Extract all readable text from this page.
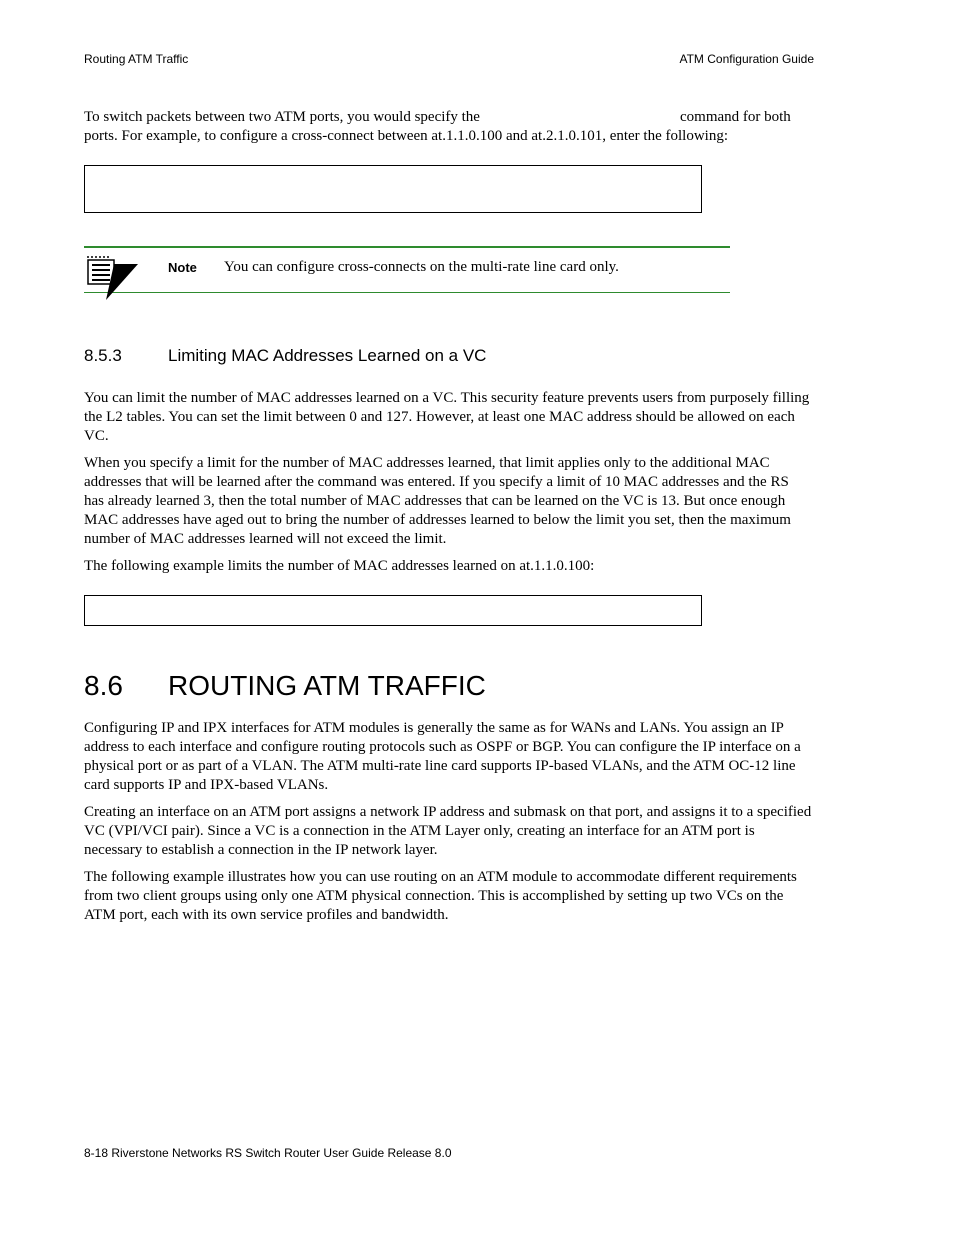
Routing ATM Traffic	ATM Configuration Guide
To switch packets between two ATM ports, you would specify the	command for both
ports. For example, to configure a cross-connect between at.1.1.0.100 and at.2.1.0.101, enter the following:
Note You can configure cross-connects on the multi-rate line card only.
8.5.3	Limiting MAC Addresses Learned on a VC

You can limit the number of MAC addresses learned on a VC. This security feature prevents users from purposely filling the L2 tables. You can set the limit between 0 and 127. However, at least one MAC address should be allowed on each VC.

When you specify a limit for the number of MAC addresses learned, that limit applies only to the additional MAC addresses that will be learned after the command was entered. If you specify a limit of 10 MAC addresses and the RS has already learned 3, then the total number of MAC addresses that can be learned on the VC is 13. But once enough MAC addresses have aged out to bring the number of addresses learned to below the limit you set, then the maximum number of MAC addresses learned will not exceed the limit.

The following example limits the number of MAC addresses learned on at.1.1.0.100:

8.6 ROUTING ATM TRAFFIC

Configuring IP and IPX interfaces for ATM modules is generally the same as for WANs and LANs. You assign an IP address to each interface and configure routing protocols such as OSPF or BGP. You can configure the IP interface on a physical port or as part of a VLAN. The ATM multi-rate line card supports IP-based VLANs, and the ATM OC-12 line card supports IP and IPX-based VLANs.

Creating an interface on an ATM port assigns a network IP address and submask on that port, and assigns it to a specified VC (VPI/VCI pair). Since a VC is a connection in the ATM Layer only, creating an interface for an ATM port is necessary to establish a connection in the IP network layer.

The following example illustrates how you can use routing on an ATM module to accommodate different requirements from two client groups using only one ATM physical connection. This is accomplished by setting up two VCs on the ATM port, each with its own service profiles and bandwidth.

8-18 Riverstone Networks RS Switch Router User Guide Release 8.0
